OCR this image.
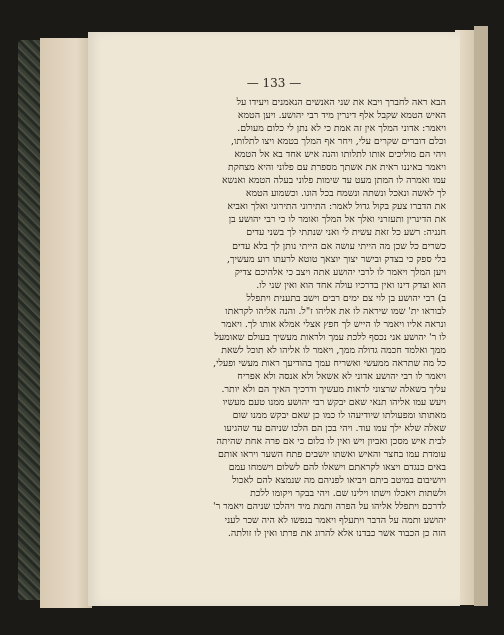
— 133 —

הבא ראה לחברך ויבא את שני האנשים הנאמנים ויעידו על
האיש הטמא שקבל אלף דינרין מיד רבי יהושע. ויען הטמא
ויאמר: אדוני המלך אין זה אמת כי לא נתן לי כלום מעולם.
וכלם דוברים שקרים עלי, ויחר אף המלך בטמא ויצו לתלותו,
ויהי הם מוליכים אותו לתלותו והנה איש אחד בא אל הטמא
ויאמר באיננו ראית את אשתך מספרת עם פלוני והיא מצחקת
עמו ואמרה לו המתן מעט עד שימות פלוני בעלה הטמא ואנשא
לך לאשה ונאכל ונשתה ונשמח בכל הונו. וכשמוע הטמא
את הדברו צעק בקול גדול לאמר: התירוני התירוני ואלך ואביא
את הדינרין ותעזרני ואלך אל המלך ואומר לו כי רבי יהושע בן
חנניה: רשע כל זאת עשית לי ואני שנתתי לך בשני עדים
כשרים כל שכן מה הייתי עושה אם הייתי נותן לך בלא עדים
בלי ספק כי בצדק ובישר יצוך יוצאך טוטא לרעתו רוע מעשיך,
ויען המלך ויאמר לו לרבי יהושע אתה ויצב כי אלהיכם צדיק
הוא וצדק דינו ואין בדרכיו עולה אחד הוא ואין שני לו.

ב) רבי יהושע בן לוי צם ימים רבים וישב בתענית ויתפלל
לבוראו ית' שמו שיראה לו את אליהו ז"ל. והנה אליהו לקראתו
ונראה אליו ויאמר לו הייש לך חפץ אצלי אמלא אותו לך. ויאמר
לו ר' יהושע אני נכסף ללכת עמך ולראות מעשיך בעולם שאומעל
ממך ואלמד חכמה גדולה ממך, ויאמר לו אליהו לא תוכל לשאת
כל מה שתראה ממעשי ואשריח עמך בהודיעך ראות מעשי ופעלי,
ויאמר לו רבי יהושע אדוני לא אשאל ולא אנסה ולא אפריח
עליך בשאלה שרצוני לראות מעשיך ודרכיך האיך הם ולא יותר.
ויעש עמו אליהו תנאי שאם יבקש רבי יהושע ממנו טעם מעשיו
מאתותו ומפעולתו שיודיעהו לו כמו כן שאם יבקש ממנו שום
שאלה שלא ילך עמו עוד. ויהי בכן הם הלכו שניהם עד שהגיעו
לבית איש מסכן ואביון ויש ואין לו כלום כי אם פרה אחת שהיתה
עומדת עמו בחצר והאיש ואשתו יושבים פתח השער ויראו אותם
באים כנגדם ויצאו לקראתם וישאלו להם לשלום וישמחו עמם
ויושיבום במיטב ביתם ויביאו לפניהם מה שנמצא להם לאכול
ולשתות ויאכלו וישתו וילינו שם. ויהי בבקר ויקומו ללכת
לדרכם ויתפלל אליהו על הפרה ותמת מיד ויהלכו שניהם ויאמר ר'
יהושע ותמה על הדבר ויתעלף ויאמר בנפשו לא היה שכר לעני
הזה כן הכבוד אשר כבדנו אלא להרוג את פרתו ואין לו זולתה.
